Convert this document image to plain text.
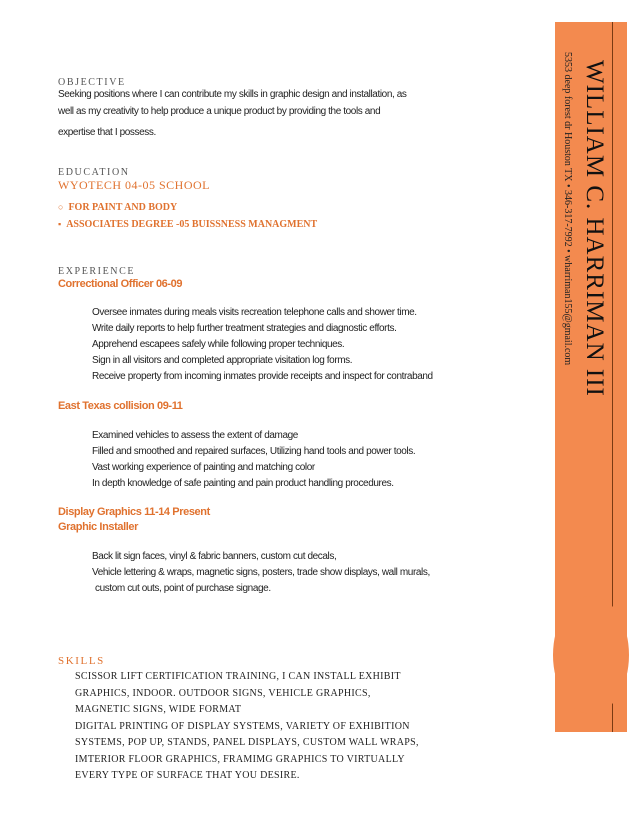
WILLIAM C. HARRIMAN III
5353 deep forest dr Houston TX • 346-317-7992 • wharriman155@gmail.com
OBJECTIVE
Seeking positions where I can contribute my skills in graphic design and installation, as
well as my creativity to help produce a unique product by providing the tools and
expertise that I possess.
EDUCATION
WYOTECH 04-05 SCHOOL
○ FOR PAINT AND BODY
▪ ASSOCIATES DEGREE -05 BUISSNESS MANAGMENT
EXPERIENCE
Correctional Officer 06-09
Oversee inmates during meals visits recreation telephone calls and shower time.
Write daily reports to help further treatment strategies and diagnostic efforts.
Apprehend escapees safely while following proper techniques.
Sign in all visitors and completed appropriate visitation log forms.
Receive property from incoming inmates provide receipts and inspect for contraband
East Texas collision 09-11
Examined vehicles to assess the extent of damage
Filled and smoothed and repaired surfaces, Utilizing hand tools and power tools.
Vast working experience of painting and matching color
In depth knowledge of safe painting and pain product handling procedures.
Display Graphics 11-14 Present
Graphic Installer
Back lit sign faces, vinyl & fabric banners, custom cut decals,
Vehicle lettering & wraps, magnetic signs, posters, trade show displays, wall murals,
custom cut outs, point of purchase signage.
SKILLS
SCISSOR LIFT CERTIFICATION TRAINING, I CAN INSTALL EXHIBIT
GRAPHICS, INDOOR. OUTDOOR SIGNS, VEHICLE GRAPHICS,
MAGNETIC SIGNS, WIDE FORMAT
DIGITAL PRINTING OF DISPLAY SYSTEMS, VARIETY OF EXHIBITION
SYSTEMS, POP UP, STANDS, PANEL DISPLAYS, CUSTOM WALL WRAPS,
IMTERIOR FLOOR GRAPHICS, FRAMIMG GRAPHICS TO VIRTUALLY
EVERY TYPE OF SURFACE THAT YOU DESIRE.
